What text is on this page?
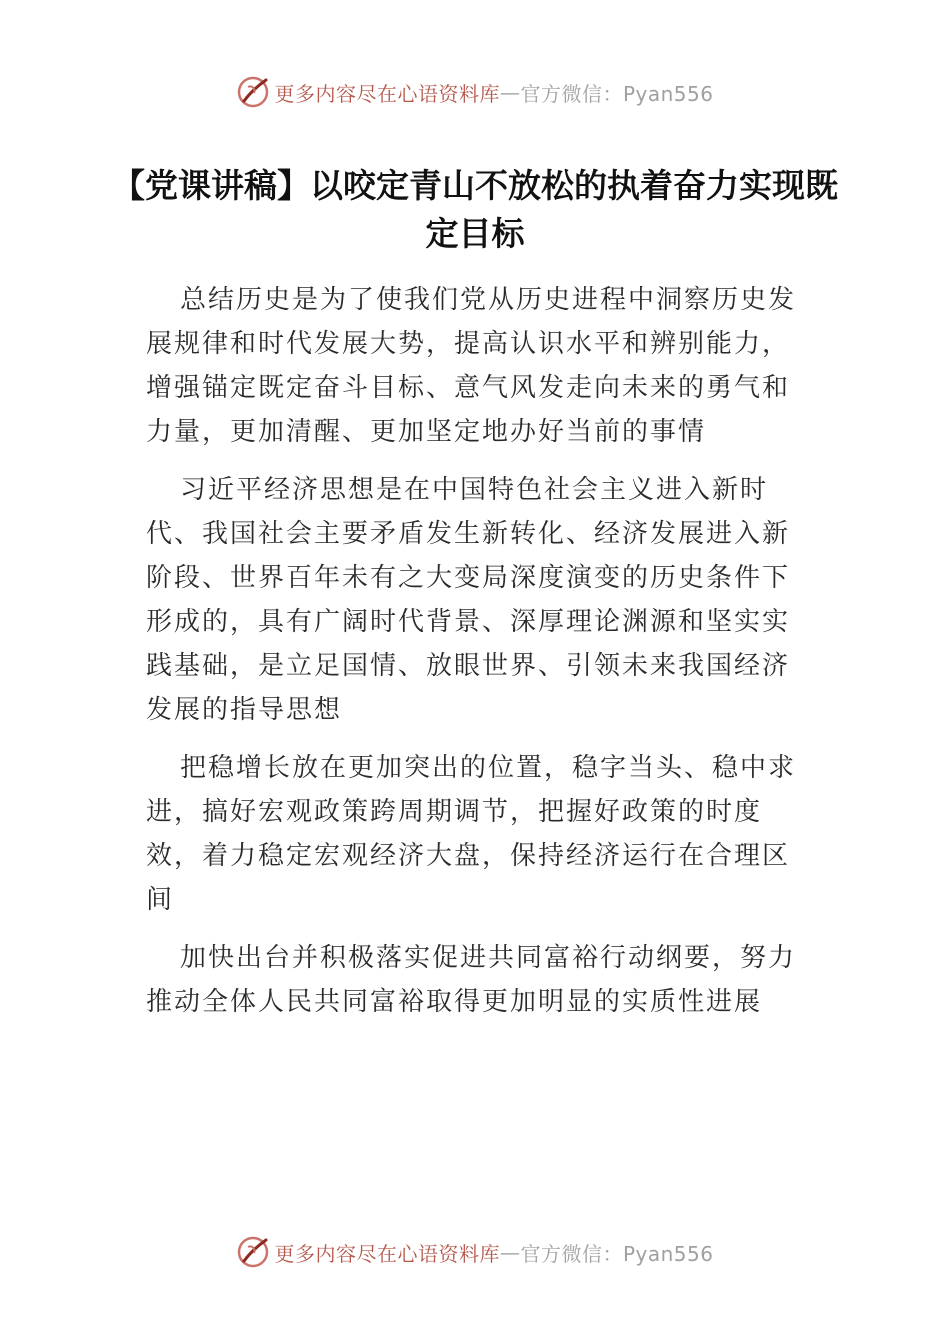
更多内容尽在心语资料库 — 官方微信：Pyan556
【党课讲稿】以咬定青山不放松的执着奋力实现既定目标

总结历史是为了使我们党从历史进程中洞察历史发展规律和时代发展大势，提高认识水平和辨别能力，增强锚定既定奋斗目标、意气风发走向未来的勇气和力量，更加清醒、更加坚定地办好当前的事情

习近平经济思想是在中国特色社会主义进入新时代、我国社会主要矛盾发生新转化、经济发展进入新阶段、世界百年未有之大变局深度演变的历史条件下形成的，具有广阔时代背景、深厚理论渊源和坚实实践基础，是立足国情、放眼世界、引领未来我国经济发展的指导思想

把稳增长放在更加突出的位置，稳字当头、稳中求进，搞好宏观政策跨周期调节，把握好政策的时度效，着力稳定宏观经济大盘，保持经济运行在合理区间

加快出台并积极落实促进共同富裕行动纲要，努力推动全体人民共同富裕取得更加明显的实质性进展

更多内容尽在心语资料库 — 官方微信：Pyan556
